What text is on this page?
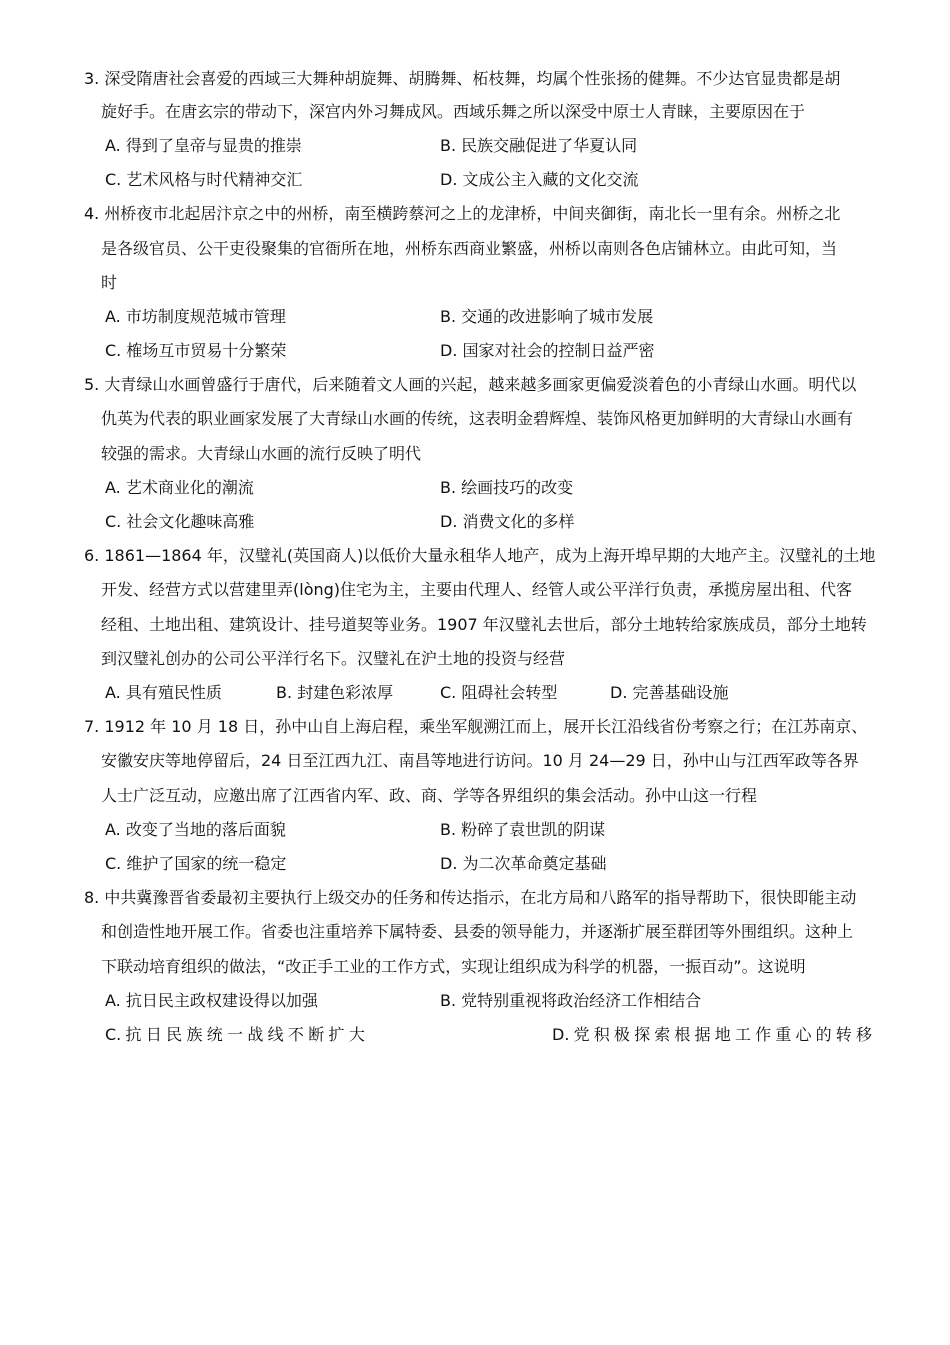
3. 深受隋唐社会喜爱的西域三大舞种胡旋舞、胡腾舞、柘枝舞，均属个性张扬的健舞。不少达官显贵都是胡
旋好手。在唐玄宗的带动下，深宫内外习舞成风。西域乐舞之所以深受中原士人青睐，主要原因在于
A. 得到了皇帝与显贵的推崇	B. 民族交融促进了华夏认同
C. 艺术风格与时代精神交汇	D. 文成公主入藏的文化交流
4. 州桥夜市北起居汴京之中的州桥，南至横跨蔡河之上的龙津桥，中间夹御街，南北长一里有余。州桥之北
是各级官员、公干吏役聚集的官衙所在地，州桥东西商业繁盛，州桥以南则各色店铺林立。由此可知，当
时
A. 市坊制度规范城市管理	B. 交通的改进影响了城市发展
C. 榷场互市贸易十分繁荣	D. 国家对社会的控制日益严密
5. 大青绿山水画曾盛行于唐代，后来随着文人画的兴起，越来越多画家更偏爱淡着色的小青绿山水画。明代以
仇英为代表的职业画家发展了大青绿山水画的传统，这表明金碧辉煌、装饰风格更加鲜明的大青绿山水画有
较强的需求。大青绿山水画的流行反映了明代
A. 艺术商业化的潮流	B. 绘画技巧的改变
C. 社会文化趣味高雅	D. 消费文化的多样
6. 1861—1864 年，汉璧礼(英国商人)以低价大量永租华人地产，成为上海开埠早期的大地产主。汉璧礼的土地
开发、经营方式以营建里弄(lòng)住宅为主，主要由代理人、经管人或公平洋行负责，承揽房屋出租、代客
经租、土地出租、建筑设计、挂号道契等业务。1907 年汉璧礼去世后，部分土地转给家族成员，部分土地转
到汉璧礼创办的公司公平洋行名下。汉璧礼在沪土地的投资与经营
A. 具有殖民性质	B. 封建色彩浓厚	C. 阻碍社会转型	D. 完善基础设施
7. 1912 年 10 月 18 日，孙中山自上海启程，乘坐军舰溯江而上，展开长江沿线省份考察之行；在江苏南京、
安徽安庆等地停留后，24 日至江西九江、南昌等地进行访问。10 月 24—29 日，孙中山与江西军政等各界
人士广泛互动，应邀出席了江西省内军、政、商、学等各界组织的集会活动。孙中山这一行程
A. 改变了当地的落后面貌	B. 粉碎了袁世凯的阴谋
C. 维护了国家的统一稳定	D. 为二次革命奠定基础
8. 中共冀豫晋省委最初主要执行上级交办的任务和传达指示，在北方局和八路军的指导帮助下，很快即能主动
和创造性地开展工作。省委也注重培养下属特委、县委的领导能力，并逐渐扩展至群团等外围组织。这种上
下联动培育组织的做法，“改正手工业的工作方式，实现让组织成为科学的机器，一振百动”。这说明
A. 抗日民主政权建设得以加强	B. 党特别重视将政治经济工作相结合
C. 抗 日 民 族 统 一 战 线 不 断 扩 大	D. 党 积 极 探 索 根 据 地 工 作 重 心 的 转 移
